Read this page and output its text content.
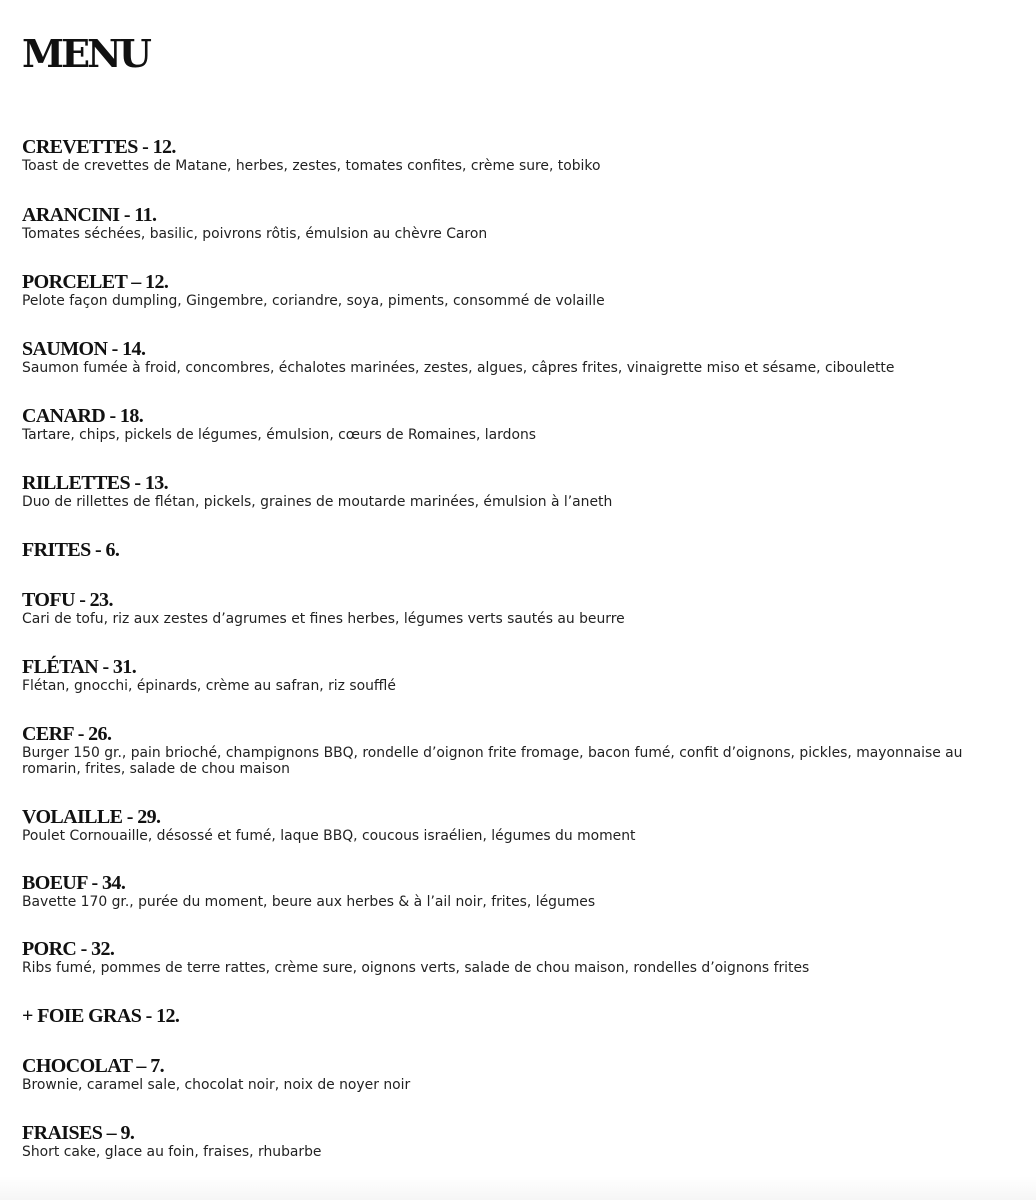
MENU
CREVETTES - 12.
Toast de crevettes de Matane, herbes, zestes, tomates confites, crème sure, tobiko
ARANCINI - 11.
Tomates séchées, basilic, poivrons rôtis, émulsion au chèvre Caron
PORCELET – 12.
Pelote façon dumpling, Gingembre, coriandre, soya, piments, consommé de volaille
SAUMON - 14.
Saumon fumée à froid, concombres, échalotes marinées, zestes, algues, câpres frites, vinaigrette miso et sésame, ciboulette
CANARD - 18.
Tartare, chips, pickels de légumes, émulsion, cœurs de Romaines, lardons
RILLETTES - 13.
Duo de rillettes de flétan, pickels, graines de moutarde marinées, émulsion à l’aneth
FRITES - 6.
TOFU - 23.
Cari de tofu, riz aux zestes d’agrumes et fines herbes, légumes verts sautés au beurre
FLÉTAN - 31.
Flétan, gnocchi, épinards, crème au safran, riz soufflé
CERF - 26.
Burger 150 gr., pain brioché, champignons BBQ, rondelle d’oignon frite fromage, bacon fumé, confit d’oignons, pickles, mayonnaise au romarin, frites, salade de chou maison
VOLAILLE - 29.
Poulet Cornouaille, désossé et fumé, laque BBQ, coucous israélien, légumes du moment
BOEUF - 34.
Bavette 170 gr., purée du moment, beure aux herbes & à l’ail noir, frites, légumes
PORC - 32.
Ribs fumé, pommes de terre rattes, crème sure, oignons verts, salade de chou maison, rondelles d’oignons frites
+ FOIE GRAS - 12.
CHOCOLAT – 7.
Brownie, caramel sale, chocolat noir, noix de noyer noir
FRAISES – 9.
Short cake, glace au foin, fraises, rhubarbe
